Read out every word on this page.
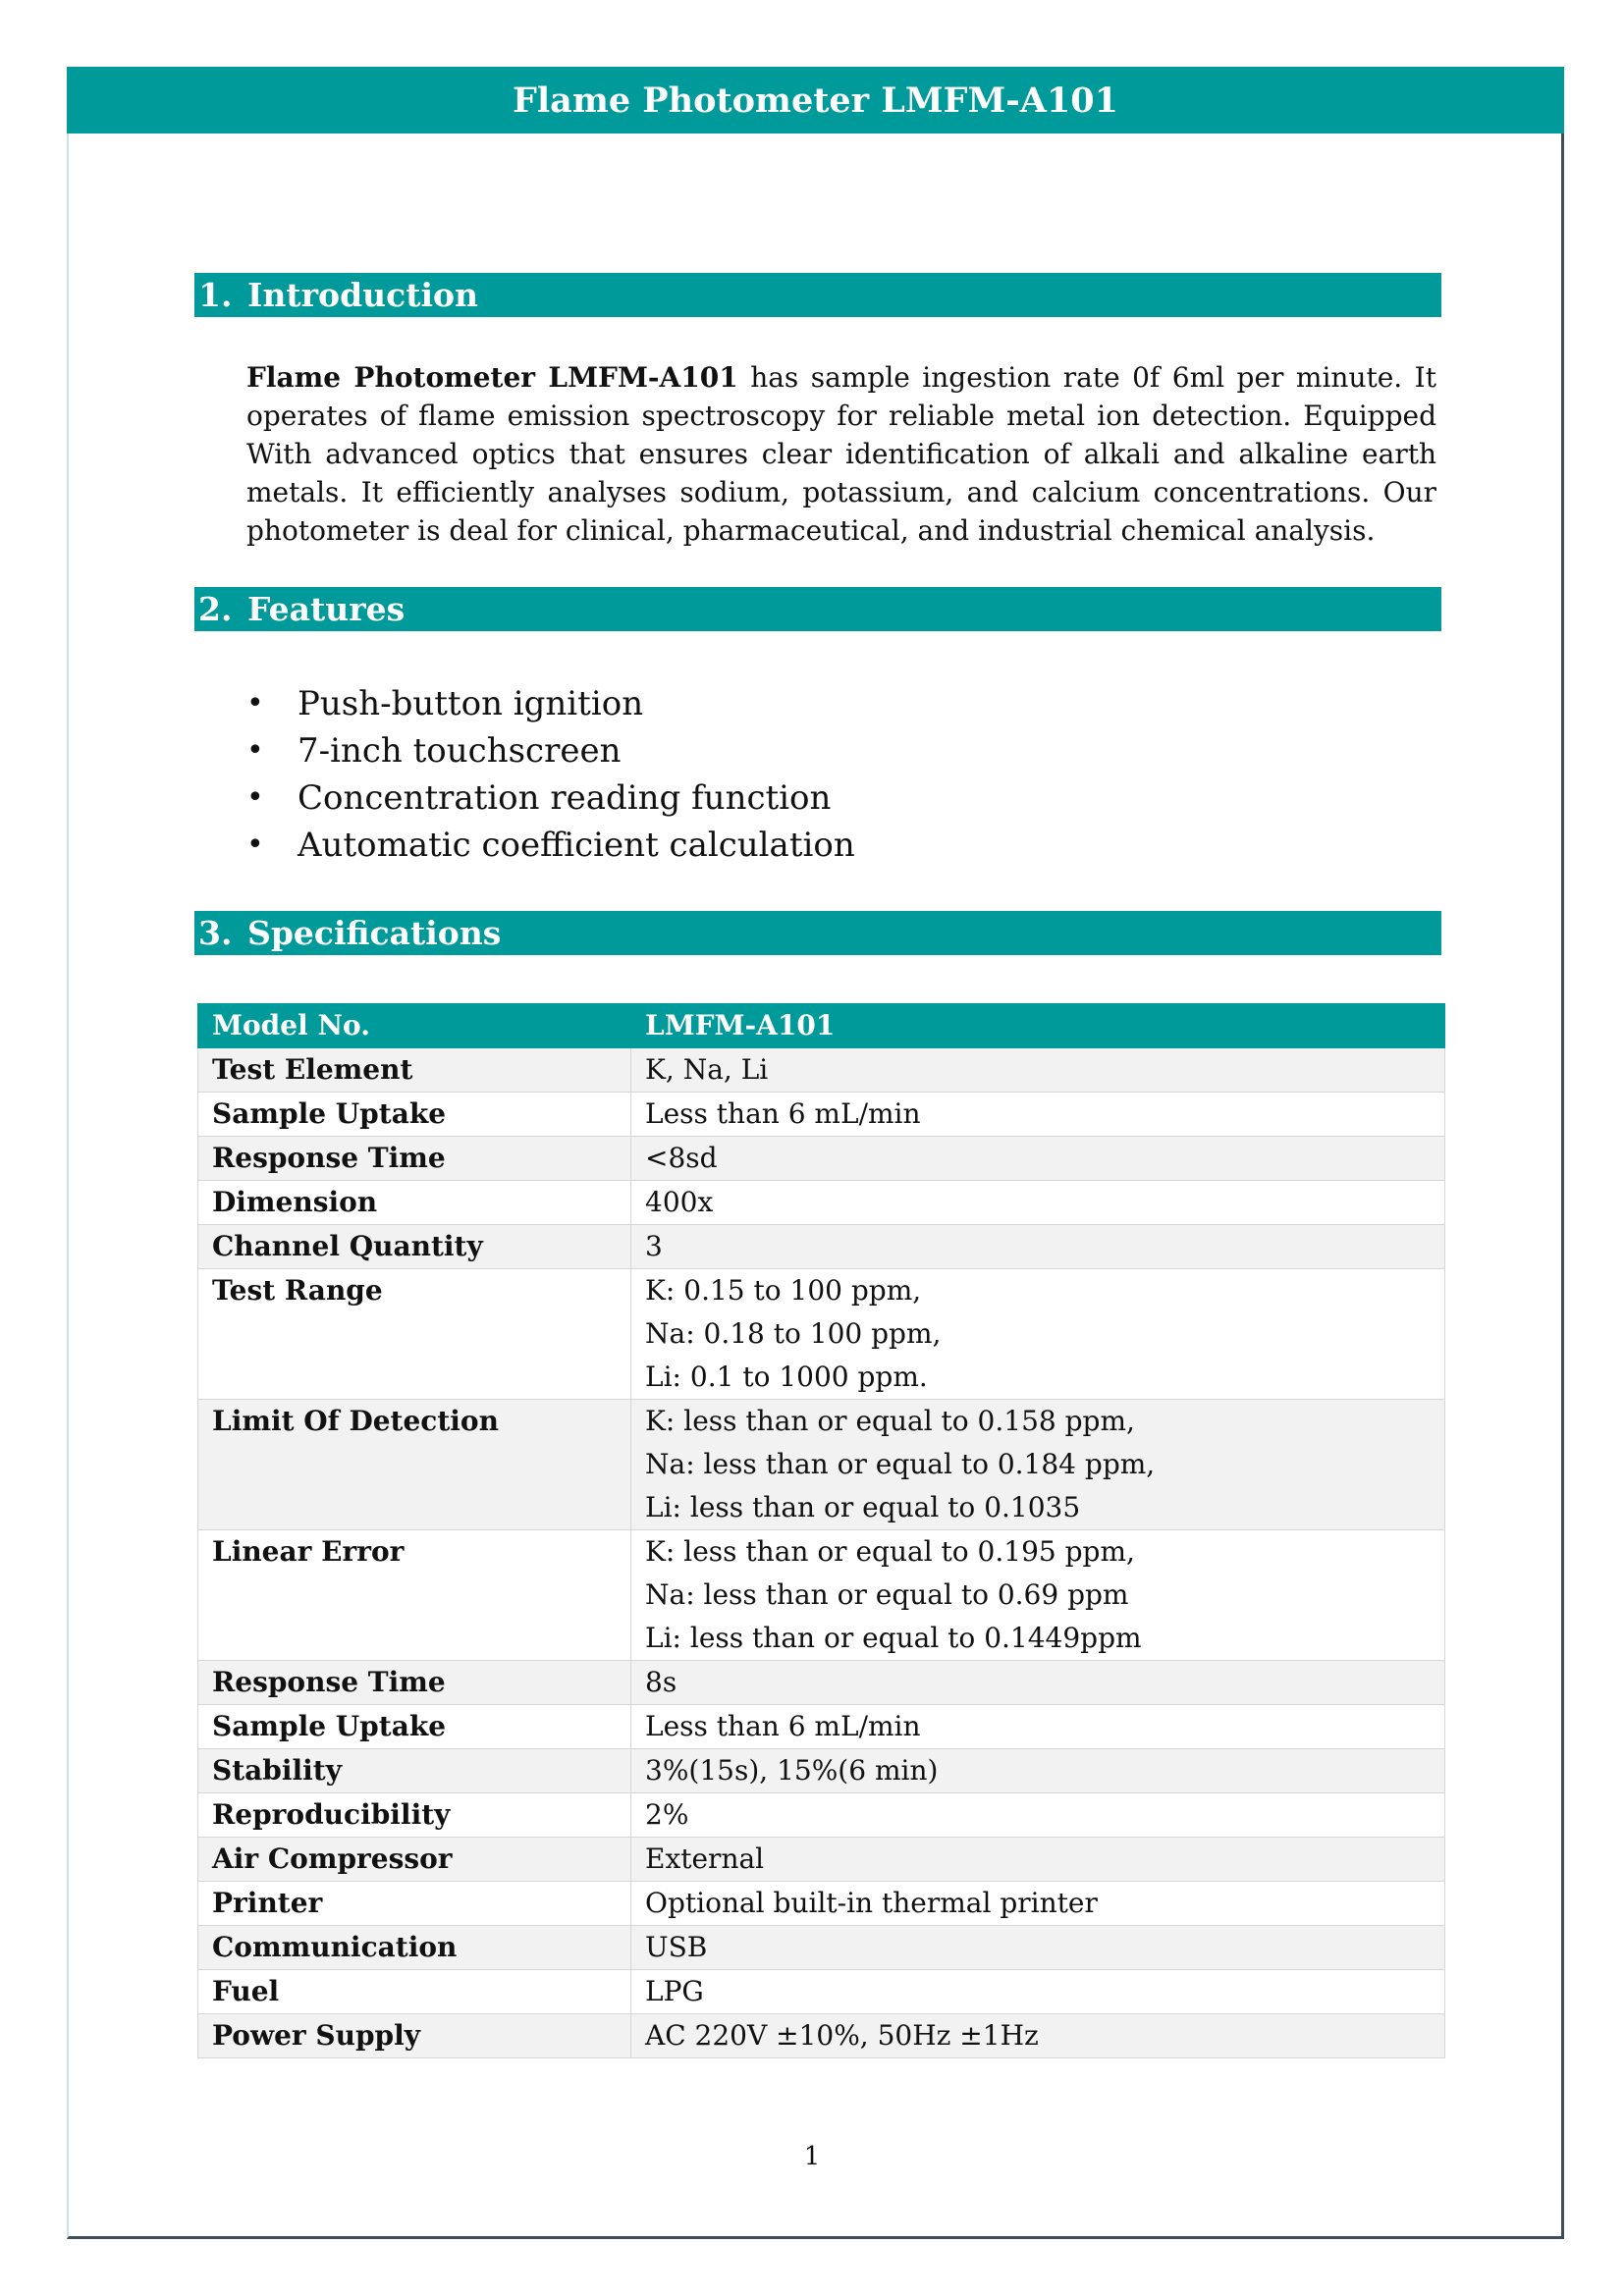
Flame Photometer LMFM-A101
1. Introduction

Flame Photometer LMFM-A101 has sample ingestion rate 0f 6ml per minute. It operates of flame emission spectroscopy for reliable metal ion detection. Equipped With advanced optics that ensures clear identification of alkali and alkaline earth metals. It efficiently analyses sodium, potassium, and calcium concentrations. Our photometer is deal for clinical, pharmaceutical, and industrial chemical analysis.

2. Features
•	Push-button ignition
•	7-inch touchscreen
•	Concentration reading function
•	Automatic coefficient calculation
3. Specifications
Model No.	LMFM-A101
Test Element	K, Na, Li

Sample Uptake	Less than 6 mL/min

Response Time	<8sd

Dimension	400x

Channel Quantity	3

Test Range	K: 0.15 to 100 ppm,
Na: 0.18 to 100 ppm,
Li: 0.1 to 1000 ppm.

Limit Of Detection	K: less than or equal to 0.158 ppm,
Na: less than or equal to 0.184 ppm,
Li: less than or equal to 0.1035

Linear Error	K: less than or equal to 0.195 ppm,
Na: less than or equal to 0.69 ppm
Li: less than or equal to 0.1449ppm

Response Time	8s

Sample Uptake	Less than 6 mL/min

Stability	3%(15s), 15%(6 min)

Reproducibility	2%

Air Compressor	External

Printer	Optional built-in thermal printer

Communication	USB

Fuel	LPG

Power Supply	AC 220V ±10%, 50Hz ±1Hz
1
